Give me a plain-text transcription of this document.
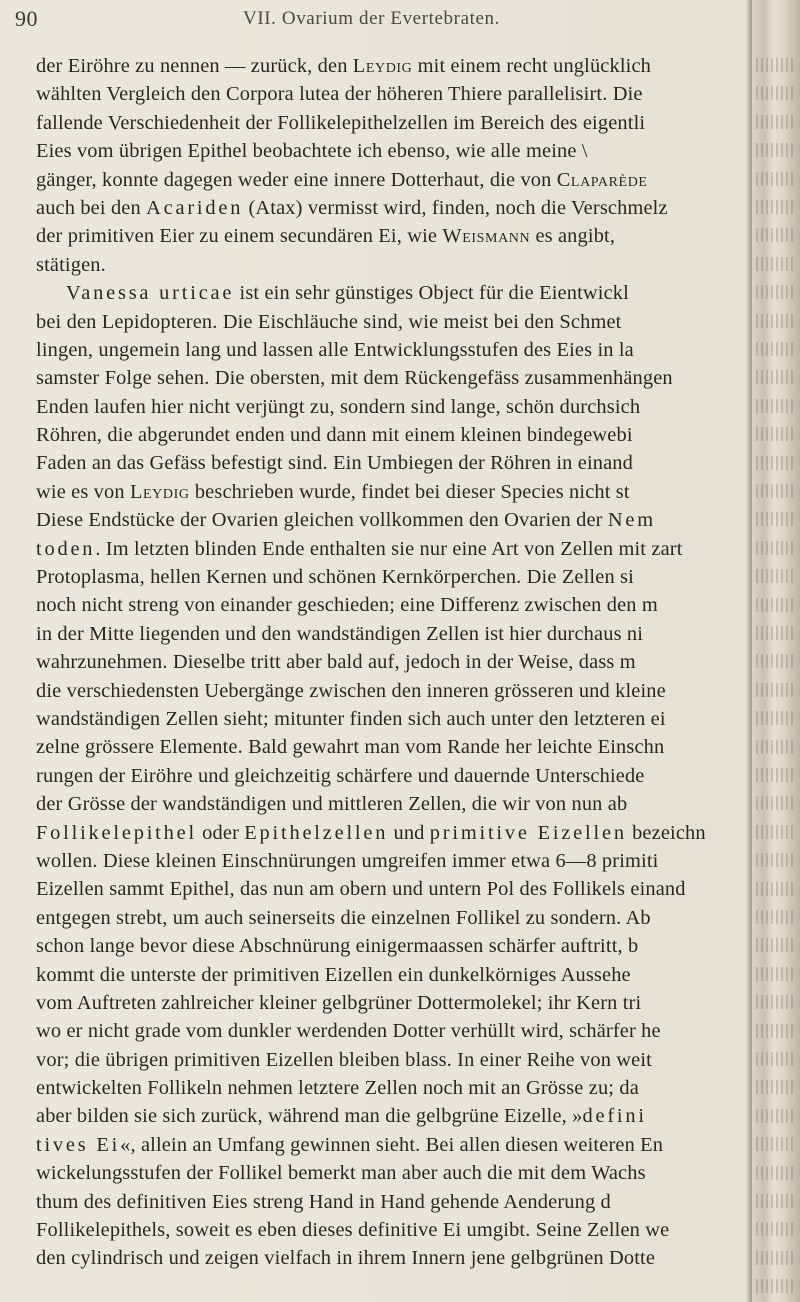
90	VII. Ovarium der Evertebraten.
der Eiröhre zu nennen — zurück, den Leydig mit einem recht unglücklich
wählten Vergleich den Corpora lutea der höheren Thiere parallelisirt. Die
fallende Verschiedenheit der Follikelepithelzellen im Bereich des eigentli
Eies vom übrigen Epithel beobachtete ich ebenso, wie alle meine \
gänger, konnte dagegen weder eine innere Dotterhaut, die von Claparède
auch bei den Acariden (Atax) vermisst wird, finden, noch die Verschmelz
der primitiven Eier zu einem secundären Ei, wie Weismann es angibt,
stätigen.
Vanessa urticae ist ein sehr günstiges Object für die Eientwickl
bei den Lepidopteren. Die Eischläuche sind, wie meist bei den Schmet
lingen, ungemein lang und lassen alle Entwicklungsstufen des Eies in la
samster Folge sehen. Die obersten, mit dem Rückengefäss zusammenhängen
Enden laufen hier nicht verjüngt zu, sondern sind lange, schön durchsich
Röhren, die abgerundet enden und dann mit einem kleinen bindegewebi
Faden an das Gefäss befestigt sind. Ein Umbiegen der Röhren in einand
wie es von Leydig beschrieben wurde, findet bei dieser Species nicht st
Diese Endstücke der Ovarien gleichen vollkommen den Ovarien der Nem
toden. Im letzten blinden Ende enthalten sie nur eine Art von Zellen mit zart
Protoplasma, hellen Kernen und schönen Kernkörperchen. Die Zellen si
noch nicht streng von einander geschieden; eine Differenz zwischen den m
in der Mitte liegenden und den wandständigen Zellen ist hier durchaus ni
wahrzunehmen. Dieselbe tritt aber bald auf, jedoch in der Weise, dass m
die verschiedensten Uebergänge zwischen den inneren grösseren und kleine
wandständigen Zellen sieht; mitunter finden sich auch unter den letzteren ei
zelne grössere Elemente. Bald gewahrt man vom Rande her leichte Einschn
rungen der Eiröhre und gleichzeitig schärfere und dauernde Unterschiede
der Grösse der wandständigen und mittleren Zellen, die wir von nun ab
Follikelepithel oder Epithelzellen und primitive Eizellen bezeichn
wollen. Diese kleinen Einschnürungen umgreifen immer etwa 6—8 primiti
Eizellen sammt Epithel, das nun am obern und untern Pol des Follikels einand
entgegen strebt, um auch seinerseits die einzelnen Follikel zu sondern. Ab
schon lange bevor diese Abschnürung einigermaassen schärfer auftritt, b
kommt die unterste der primitiven Eizellen ein dunkelkörniges Aussehe
vom Auftreten zahlreicher kleiner gelbgrüner Dottermolekel; ihr Kern tri
wo er nicht grade vom dunkler werdenden Dotter verhüllt wird, schärfer he
vor; die übrigen primitiven Eizellen bleiben blass. In einer Reihe von weit
entwickelten Follikeln nehmen letztere Zellen noch mit an Grösse zu; da
aber bilden sie sich zurück, während man die gelbgrüne Eizelle, »defini
tives Ei«, allein an Umfang gewinnen sieht. Bei allen diesen weiteren En
wickelungsstufen der Follikel bemerkt man aber auch die mit dem Wachs
thum des definitiven Eies streng Hand in Hand gehende Aenderung d
Follikelepithels, soweit es eben dieses definitive Ei umgibt. Seine Zellen we
den cylindrisch und zeigen vielfach in ihrem Innern jene gelbgrünen Dotte
